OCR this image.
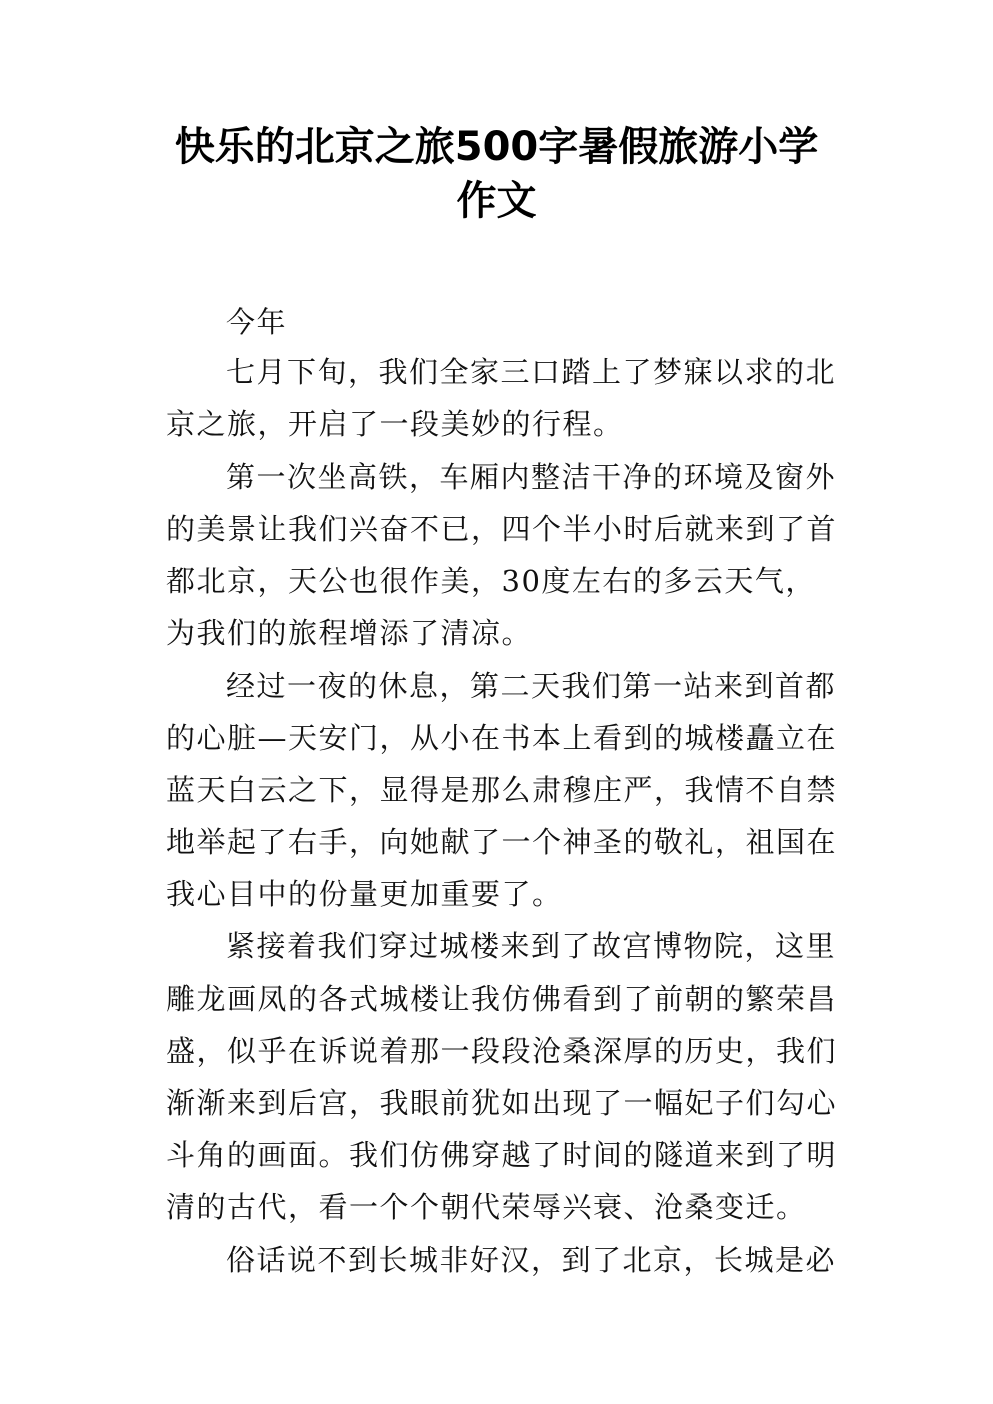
快乐的北京之旅500字暑假旅游小学
作文
今年
七月下旬，我们全家三口踏上了梦寐以求的北
京之旅，开启了一段美妙的行程。
第一次坐高铁，车厢内整洁干净的环境及窗外
的美景让我们兴奋不已，四个半小时后就来到了首
都北京，天公也很作美，30度左右的多云天气，
为我们的旅程增添了清凉。
经过一夜的休息，第二天我们第一站来到首都
的心脏—天安门，从小在书本上看到的城楼矗立在
蓝天白云之下，显得是那么肃穆庄严，我情不自禁
地举起了右手，向她献了一个神圣的敬礼，祖国在
我心目中的份量更加重要了。
紧接着我们穿过城楼来到了故宫博物院，这里
雕龙画凤的各式城楼让我仿佛看到了前朝的繁荣昌
盛，似乎在诉说着那一段段沧桑深厚的历史，我们
渐渐来到后宫，我眼前犹如出现了一幅妃子们勾心
斗角的画面。我们仿佛穿越了时间的隧道来到了明
清的古代，看一个个朝代荣辱兴衰、沧桑变迁。
俗话说不到长城非好汉，到了北京，长城是必
